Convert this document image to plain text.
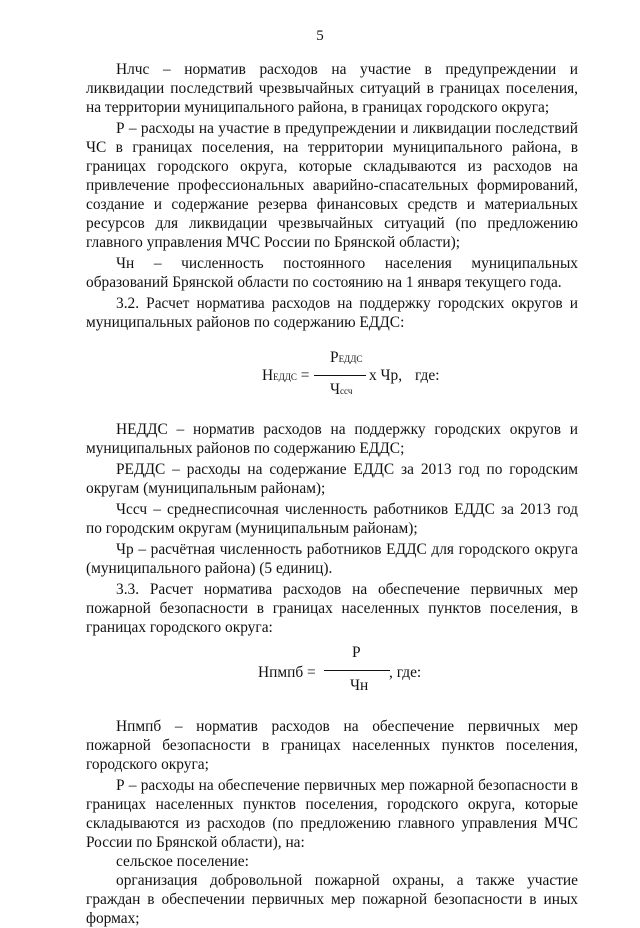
5

Нлчс – норматив расходов на участие в предупреждении и ликвидации последствий чрезвычайных ситуаций в границах поселения, на территории муниципального района, в границах городского округа;

Р – расходы на участие в предупреждении и ликвидации последствий ЧС в границах поселения, на территории муниципального района, в границах городского округа, которые складываются из расходов на привлечение профессиональных аварийно-спасательных формирований, создание и содержание резерва финансовых средств и материальных ресурсов для ликвидации чрезвычайных ситуаций (по предложению главного управления МЧС России по Брянской области);

Чн – численность постоянного населения муниципальных образований Брянской области по состоянию на 1 января текущего года.

3.2. Расчет норматива расходов на поддержку городских округов и муниципальных районов по содержанию ЕДДС:

НЕДДС =
РЕДДС
Чссч
х Чр, где:

НЕДДС – норматив расходов на поддержку городских округов и муниципальных районов по содержанию ЕДДС;

РЕДДС – расходы на содержание ЕДДС за 2013 год по городским округам (муниципальным районам);

Чссч – среднесписочная численность работников ЕДДС за 2013 год по городским округам (муниципальным районам);

Чр – расчётная численность работников ЕДДС для городского округа (муниципального района) (5 единиц).

3.3. Расчет норматива расходов на обеспечение первичных мер пожарной безопасности в границах населенных пунктов поселения, в границах городского округа:

Нпмпб =
Р
Чн
, где:

Нпмпб – норматив расходов на обеспечение первичных мер пожарной безопасности в границах населенных пунктов поселения, городского округа;

Р – расходы на обеспечение первичных мер пожарной безопасности в границах населенных пунктов поселения, городского округа, которые складываются из расходов (по предложению главного управления МЧС России по Брянской области), на:

сельское поселение:

организация добровольной пожарной охраны, а также участие граждан в обеспечении первичных мер пожарной безопасности в иных формах;
